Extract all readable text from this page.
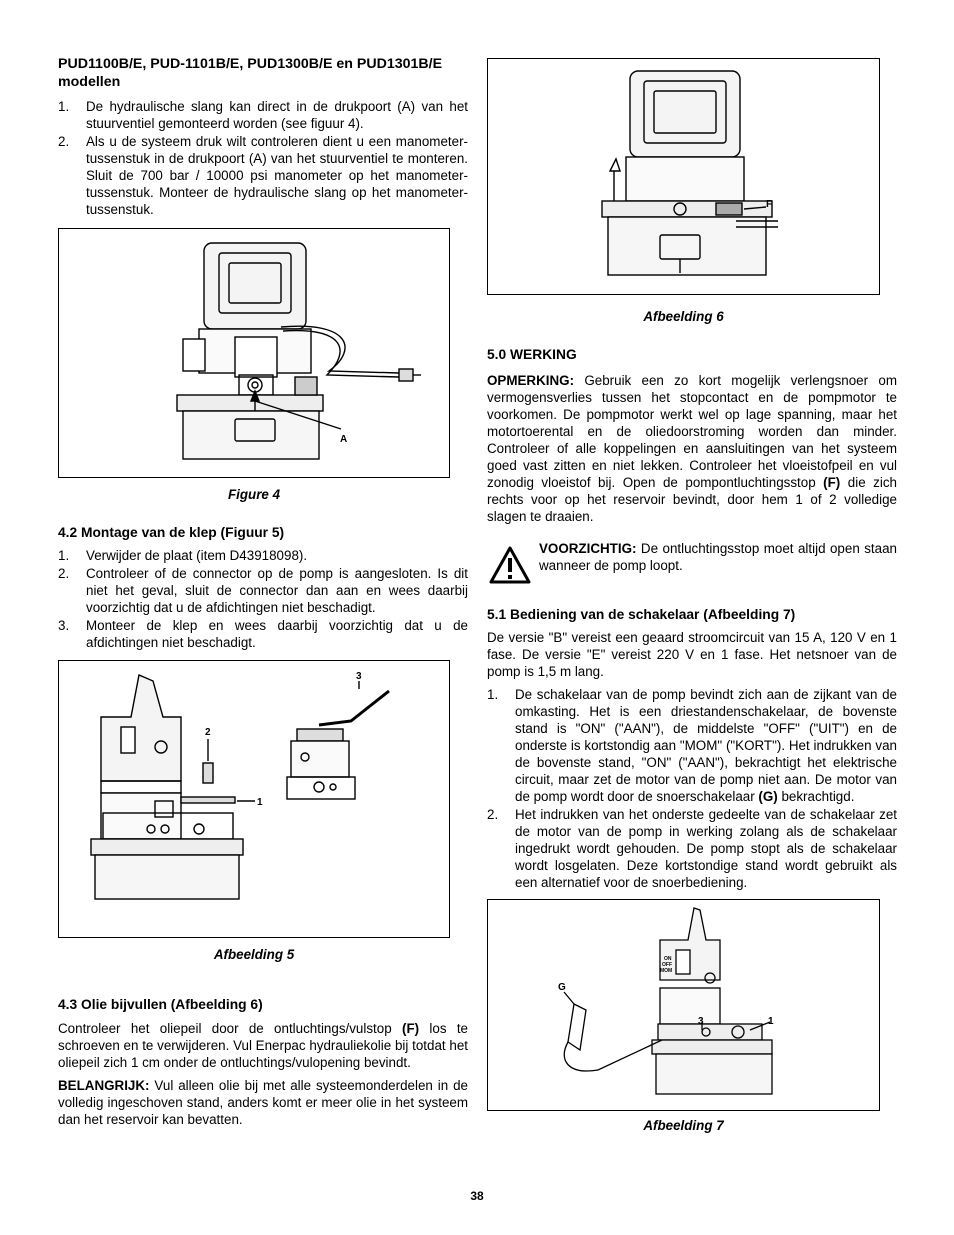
PUD1100B/E, PUD-1101B/E, PUD1300B/E en PUD1301B/E modellen
1. De hydraulische slang kan direct in de drukpoort (A) van het stuurventiel gemonteerd worden (see figuur 4).
2. Als u de systeem druk wilt controleren dient u een manometer-tussenstuk in de drukpoort (A) van het stuurventiel te monteren. Sluit de 700 bar / 10000 psi manometer op het manometer-tussenstuk. Monteer de hydraulische slang op het manometer-tussenstuk.
A
Figure 4
4.2 Montage van de klep (Figuur 5)
1. Verwijder de plaat (item D43918098).
2. Controleer of de connector op de pomp is aangesloten. Is dit niet het geval, sluit de connector dan aan en wees daarbij voorzichtig dat u de afdichtingen niet beschadigt.
3. Monteer de klep en wees daarbij voorzichtig dat u de afdichtingen niet beschadigt.
3
2
1
Afbeelding 5
4.3 Olie bijvullen (Afbeelding 6)

Controleer het oliepeil door de ontluchtings/vulstop (F) los te schroeven en te verwijderen. Vul Enerpac hydrauliekolie bij totdat het oliepeil zich 1 cm onder de ontluchtings/vulopening bevindt.

BELANGRIJK: Vul alleen olie bij met alle systeemonderdelen in de volledig ingeschoven stand, anders komt er meer olie in het systeem dan het reservoir kan bevatten.

F
Afbeelding 6
5.0 WERKING

OPMERKING: Gebruik een zo kort mogelijk verlengsnoer om vermogensverlies tussen het stopcontact en de pompmotor te voorkomen. De pompmotor werkt wel op lage spanning, maar het motortoerental en de oliedoorstroming worden dan minder. Controleer of alle koppelingen en aansluitingen van het systeem goed vast zitten en niet lekken. Controleer het vloeistofpeil en vul zonodig vloeistof bij. Open de pompontluchtingsstop (F) die zich rechts voor op het reservoir bevindt, door hem 1 of 2 volledige slagen te draaien.

VOORZICHTIG: De ontluchtingsstop moet altijd open staan wanneer de pomp loopt.

5.1 Bediening van de schakelaar (Afbeelding 7)

De versie "B" vereist een geaard stroomcircuit van 15 A, 120 V en 1 fase. De versie "E" vereist 220 V en 1 fase. Het netsnoer van de pomp is 1,5 m lang.

1. De schakelaar van de pomp bevindt zich aan de zijkant van de omkasting. Het is een driestandenschakelaar, de bovenste stand is "ON" ("AAN"), de middelste "OFF" ("UIT") en de onderste is kortstondig aan "MOM" ("KORT"). Het indrukken van de bovenste stand, "ON" ("AAN"), bekrachtigt het elektrische circuit, maar zet de motor van de pomp niet aan. De motor van de pomp wordt door de snoerschakelaar (G) bekrachtigd.
2. Het indrukken van het onderste gedeelte van de schakelaar zet de motor van de pomp in werking zolang als de schakelaar ingedrukt wordt gehouden. De pomp stopt als de schakelaar wordt losgelaten. Deze kortstondige stand wordt gebruikt als een alternatief voor de snoerbediening.
ON
OFF
MOM
G
3	1
Afbeelding 7
38
